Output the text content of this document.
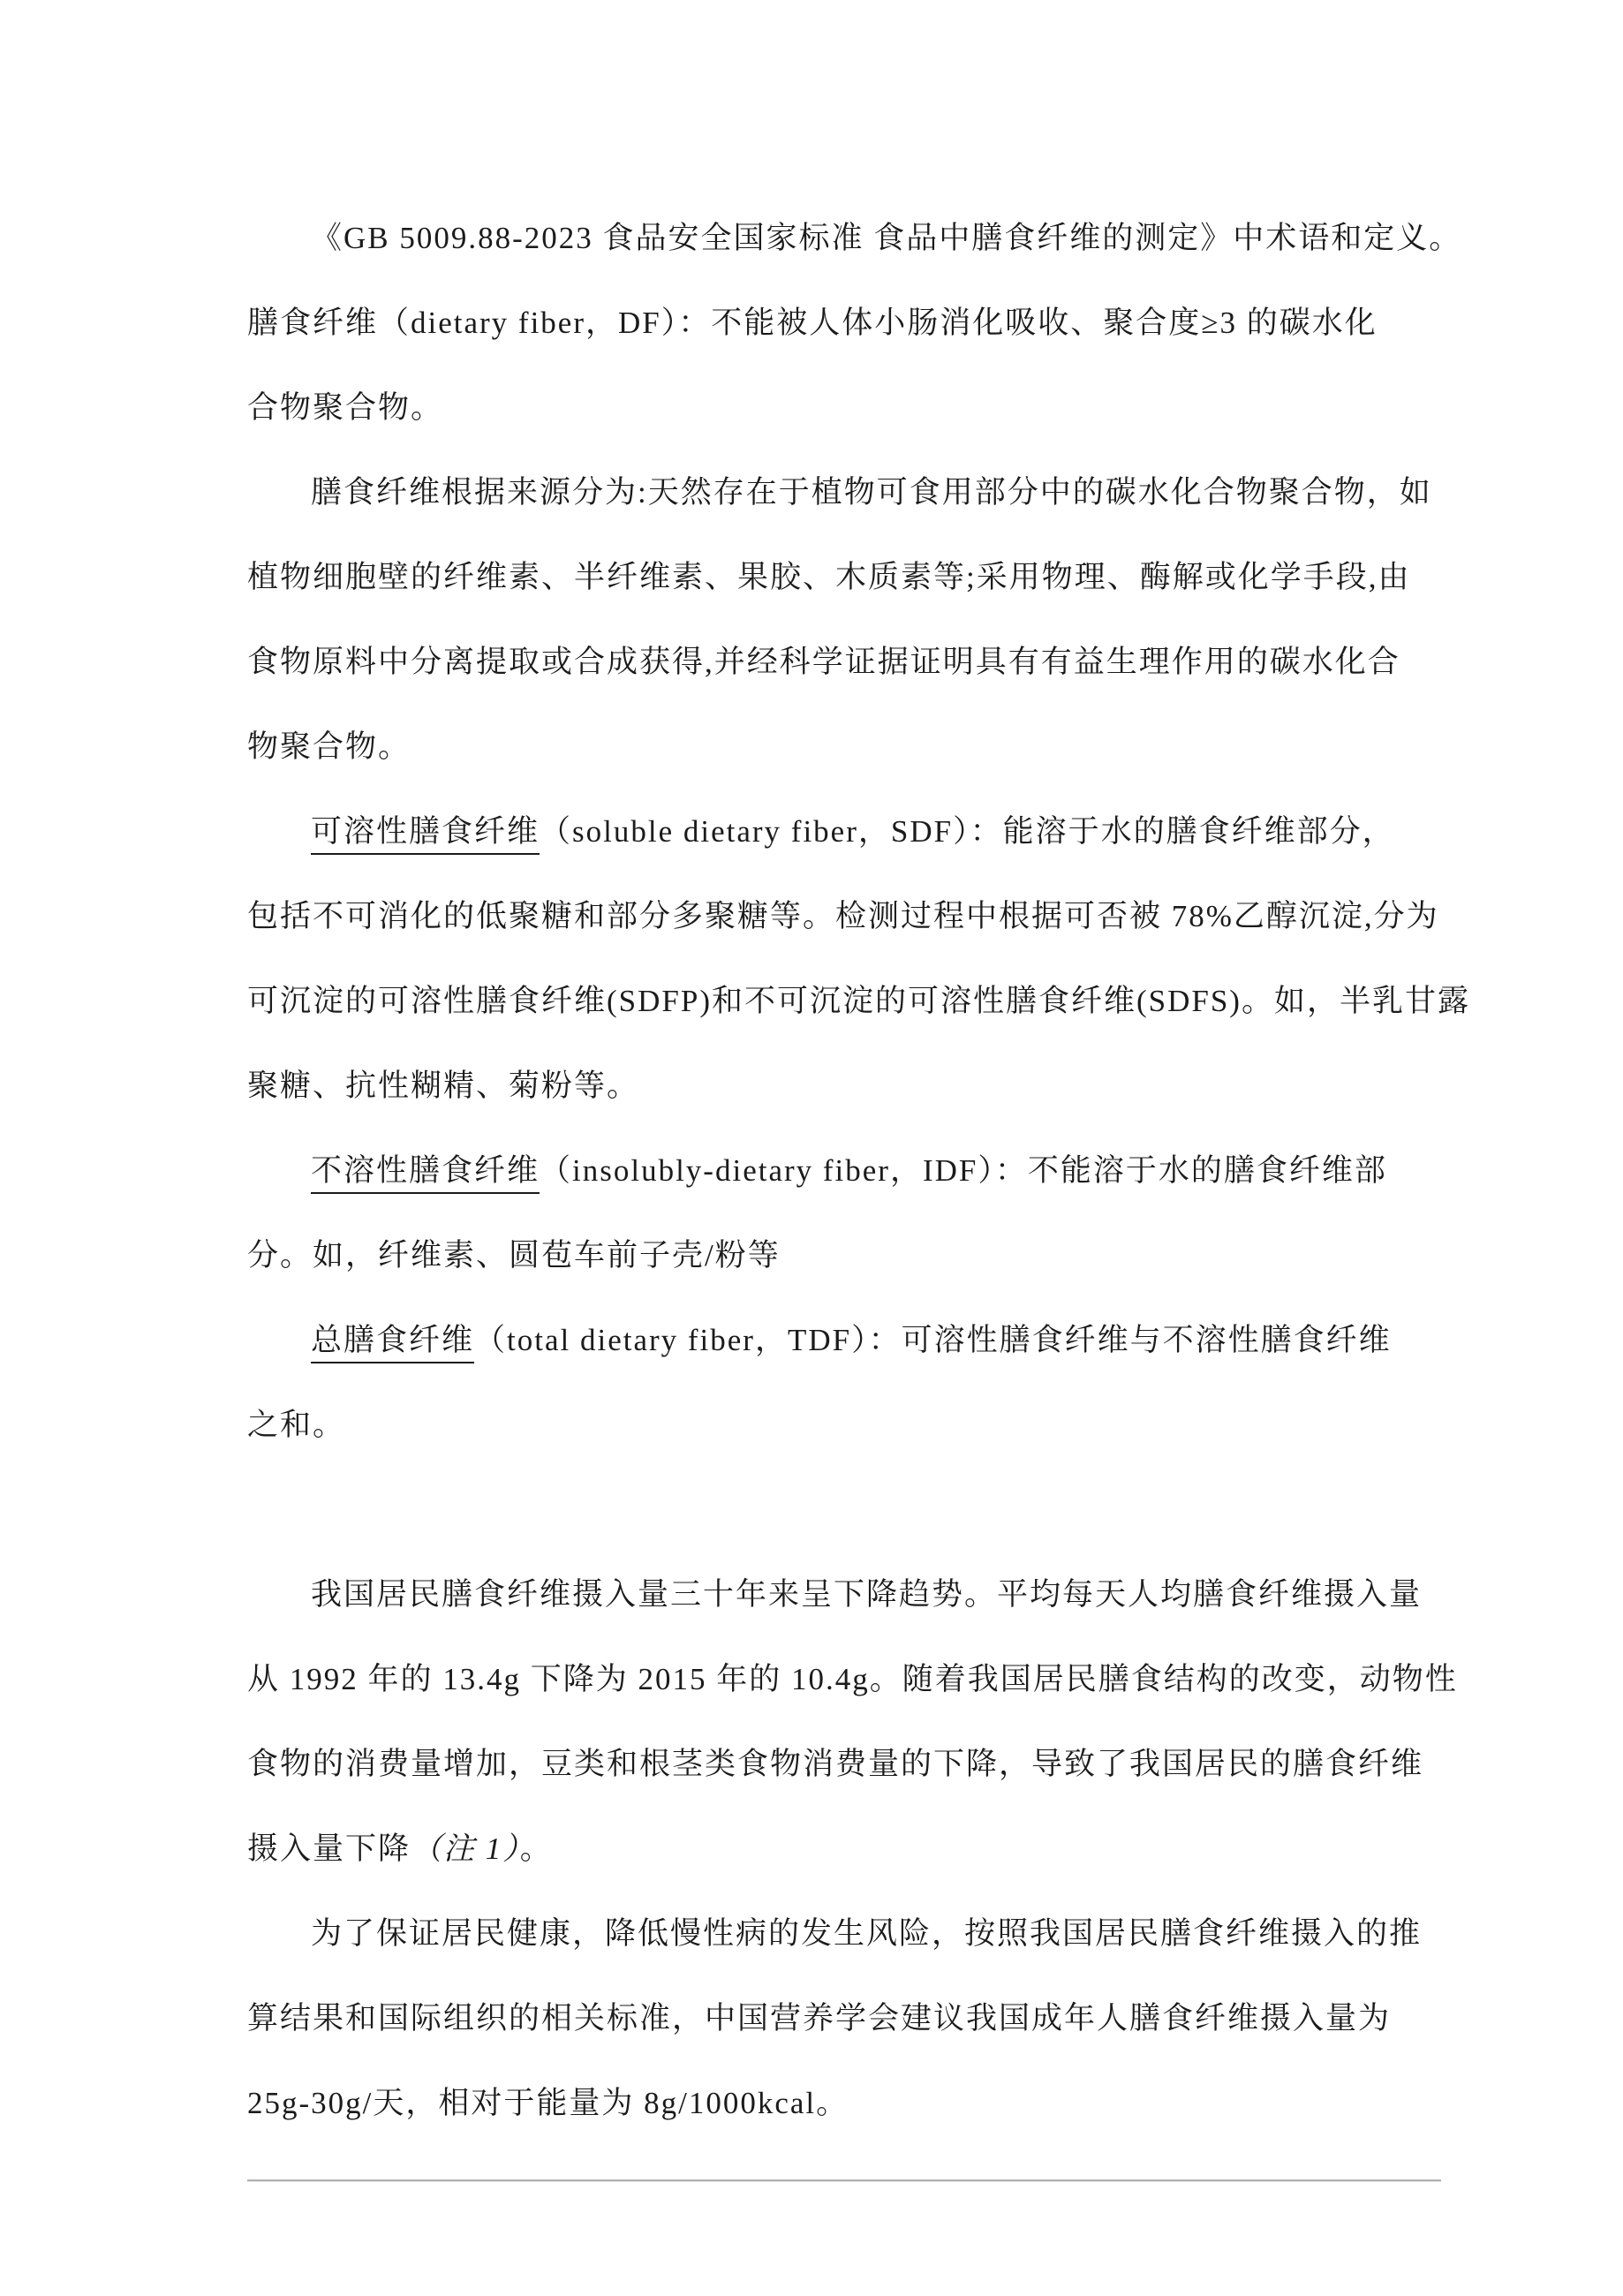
《GB 5009.88-2023 食品安全国家标准 食品中膳食纤维的测定》中术语和定义。
膳食纤维（dietary fiber，DF）：不能被人体小肠消化吸收、聚合度≥3 的碳水化
合物聚合物。
膳食纤维根据来源分为:天然存在于植物可食用部分中的碳水化合物聚合物，如
植物细胞壁的纤维素、半纤维素、果胶、木质素等;采用物理、酶解或化学手段,由
食物原料中分离提取或合成获得,并经科学证据证明具有有益生理作用的碳水化合
物聚合物。
可溶性膳食纤维（soluble dietary fiber，SDF）：能溶于水的膳食纤维部分，
包括不可消化的低聚糖和部分多聚糖等。检测过程中根据可否被 78%乙醇沉淀,分为
可沉淀的可溶性膳食纤维(SDFP)和不可沉淀的可溶性膳食纤维(SDFS)。如，半乳甘露
聚糖、抗性糊精、菊粉等。
不溶性膳食纤维（insolubly-dietary fiber，IDF）：不能溶于水的膳食纤维部
分。如，纤维素、圆苞车前子壳/粉等
总膳食纤维（total dietary fiber，TDF）：可溶性膳食纤维与不溶性膳食纤维
之和。
我国居民膳食纤维摄入量三十年来呈下降趋势。平均每天人均膳食纤维摄入量
从 1992 年的 13.4g 下降为 2015 年的 10.4g。随着我国居民膳食结构的改变，动物性
食物的消费量增加，豆类和根茎类食物消费量的下降，导致了我国居民的膳食纤维
摄入量下降（注 1）。
为了保证居民健康，降低慢性病的发生风险，按照我国居民膳食纤维摄入的推
算结果和国际组织的相关标准，中国营养学会建议我国成年人膳食纤维摄入量为
25g-30g/天，相对于能量为 8g/1000kcal。
